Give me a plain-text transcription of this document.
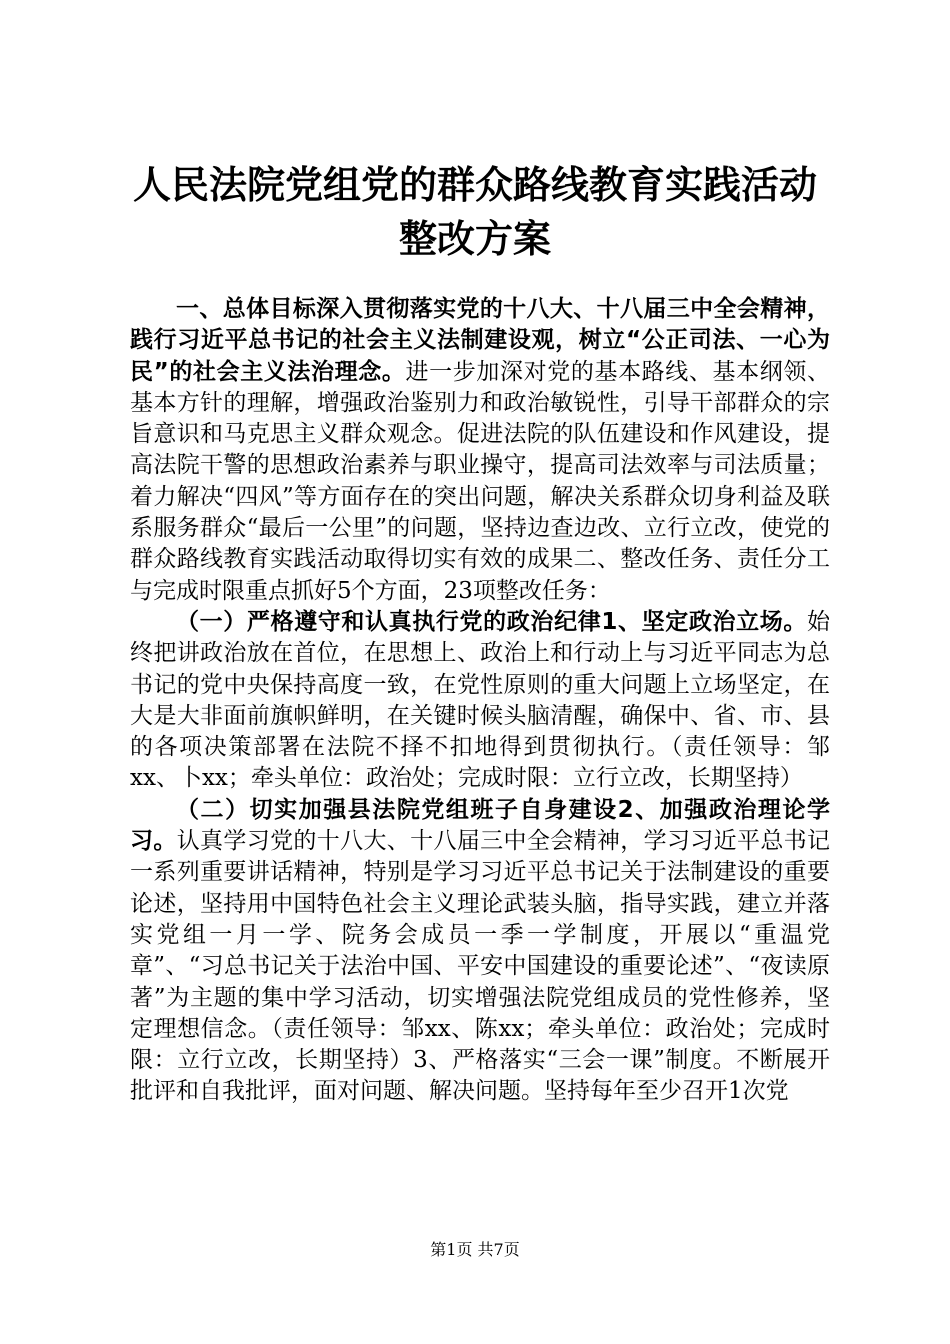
人民法院党组党的群众路线教育实践活动整改方案

一、总体目标深入贯彻落实党的十八大、十八届三中全会精神，践行习近平总书记的社会主义法制建设观，树立“公正司法、一心为民”的社会主义法治理念。进一步加深对党的基本路线、基本纲领、基本方针的理解，增强政治鉴别力和政治敏锐性，引导干部群众的宗旨意识和马克思主义群众观念。促进法院的队伍建设和作风建设，提高法院干警的思想政治素养与职业操守，提高司法效率与司法质量；着力解决“四风”等方面存在的突出问题，解决关系群众切身利益及联系服务群众“最后一公里”的问题，坚持边查边改、立行立改，使党的群众路线教育实践活动取得切实有效的成果二、整改任务、责任分工与完成时限重点抓好5个方面，23项整改任务：

（一）严格遵守和认真执行党的政治纪律1、坚定政治立场。始终把讲政治放在首位，在思想上、政治上和行动上与习近平同志为总书记的党中央保持高度一致，在党性原则的重大问题上立场坚定，在大是大非面前旗帜鲜明，在关键时候头脑清醒，确保中、省、市、县的各项决策部署在法院不择不扣地得到贯彻执行。（责任领导：邹xx、卜xx；牵头单位：政治处；完成时限：立行立改，长期坚持）

（二）切实加强县法院党组班子自身建设2、加强政治理论学习。认真学习党的十八大、十八届三中全会精神，学习习近平总书记一系列重要讲话精神，特别是学习习近平总书记关于法制建设的重要论述，坚持用中国特色社会主义理论武装头脑，指导实践，建立并落实党组一月一学、院务会成员一季一学制度，开展以“重温党章”、“习总书记关于法治中国、平安中国建设的重要论述”、“夜读原著”为主题的集中学习活动，切实增强法院党组成员的党性修养，坚定理想信念。（责任领导：邹xx、陈xx；牵头单位：政治处；完成时限：立行立改，长期坚持）3、严格落实“三会一课”制度。不断展开批评和自我批评，面对问题、解决问题。坚持每年至少召开1次党

第1页 共7页
